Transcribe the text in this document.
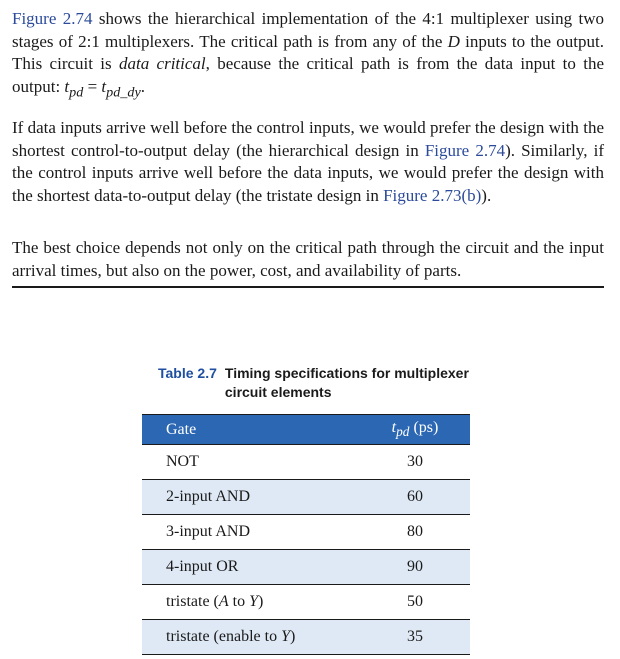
Figure 2.74 shows the hierarchical implementation of the 4:1 multiplexer using two stages of 2:1 multiplexers. The critical path is from any of the D inputs to the output. This circuit is data critical, because the critical path is from the data input to the output: $t_{pd} = t_{pd\_dy}$.

If data inputs arrive well before the control inputs, we would prefer the design with the shortest control-to-output delay (the hierarchical design in Figure 2.74). Similarly, if the control inputs arrive well before the data inputs, we would prefer the design with the shortest data-to-output delay (the tristate design in Figure 2.73(b)).

The best choice depends not only on the critical path through the circuit and the input arrival times, but also on the power, cost, and availability of parts.

Table 2.7 Timing specifications for multiplexer circuit elements
Gate	$t_{pd}$ (ps)
NOT	30
2-input AND	60
3-input AND	80
4-input OR	90
tristate (A to Y)	50
tristate (enable to Y)	35
